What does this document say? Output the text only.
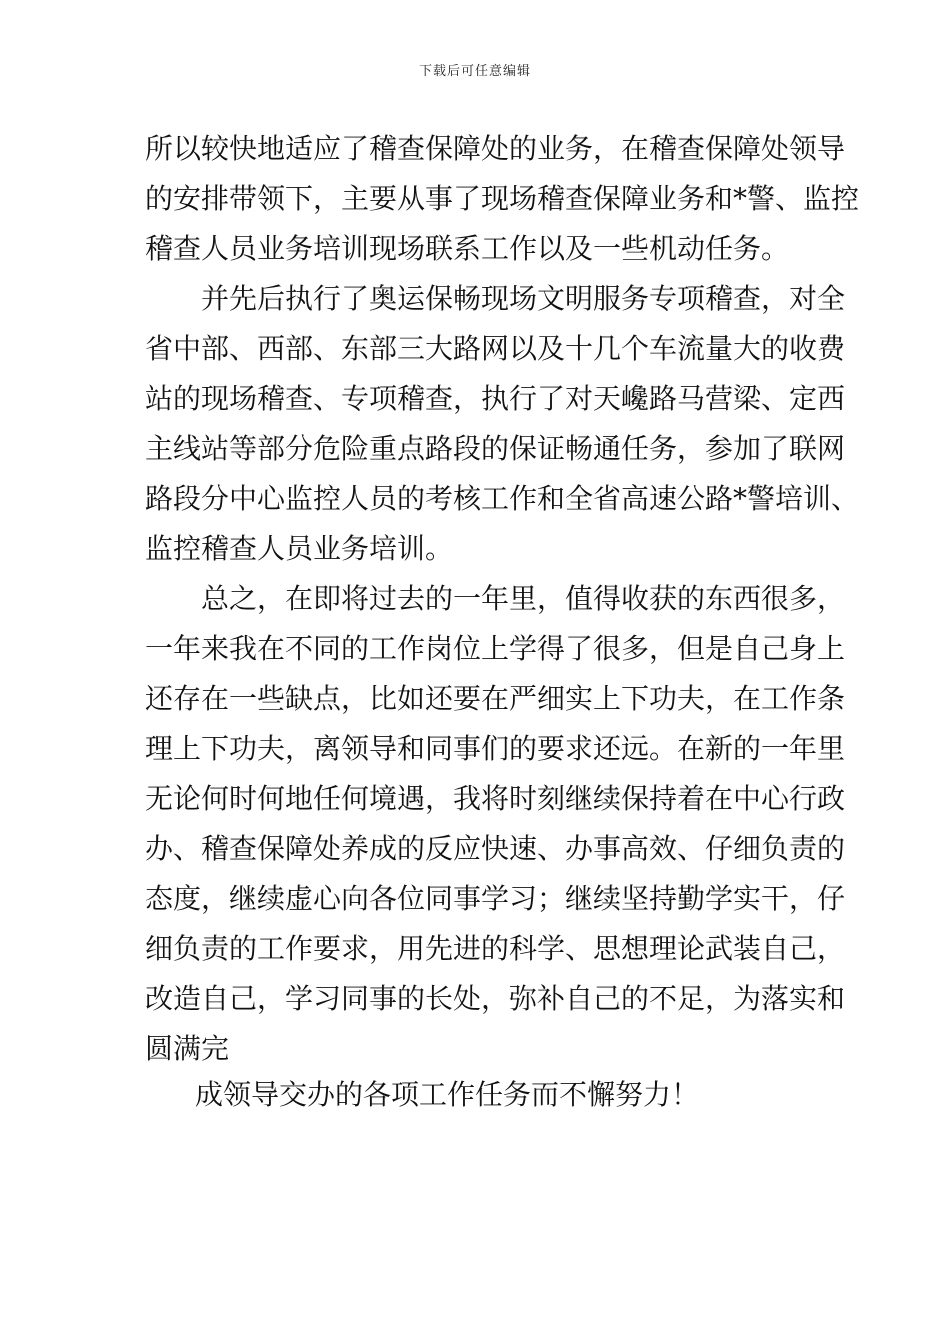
下载后可任意编辑
所以较快地适应了稽查保障处的业务，在稽查保障处领导
的安排带领下，主要从事了现场稽查保障业务和*警、监控
稽查人员业务培训现场联系工作以及一些机动任务。
并先后执行了奥运保畅现场文明服务专项稽查，对全
省中部、西部、东部三大路网以及十几个车流量大的收费
站的现场稽查、专项稽查，执行了对天巉路马营梁、定西
主线站等部分危险重点路段的保证畅通任务，参加了联网
路段分中心监控人员的考核工作和全省高速公路*警培训、
监控稽查人员业务培训。
总之，在即将过去的一年里，值得收获的东西很多，
一年来我在不同的工作岗位上学得了很多，但是自己身上
还存在一些缺点，比如还要在严细实上下功夫，在工作条
理上下功夫，离领导和同事们的要求还远。在新的一年里
无论何时何地任何境遇，我将时刻继续保持着在中心行政
办、稽查保障处养成的反应快速、办事高效、仔细负责的
态度，继续虚心向各位同事学习；继续坚持勤学实干，仔
细负责的工作要求，用先进的科学、思想理论武装自己，
改造自己，学习同事的长处，弥补自己的不足，为落实和
圆满完
成领导交办的各项工作任务而不懈努力！
